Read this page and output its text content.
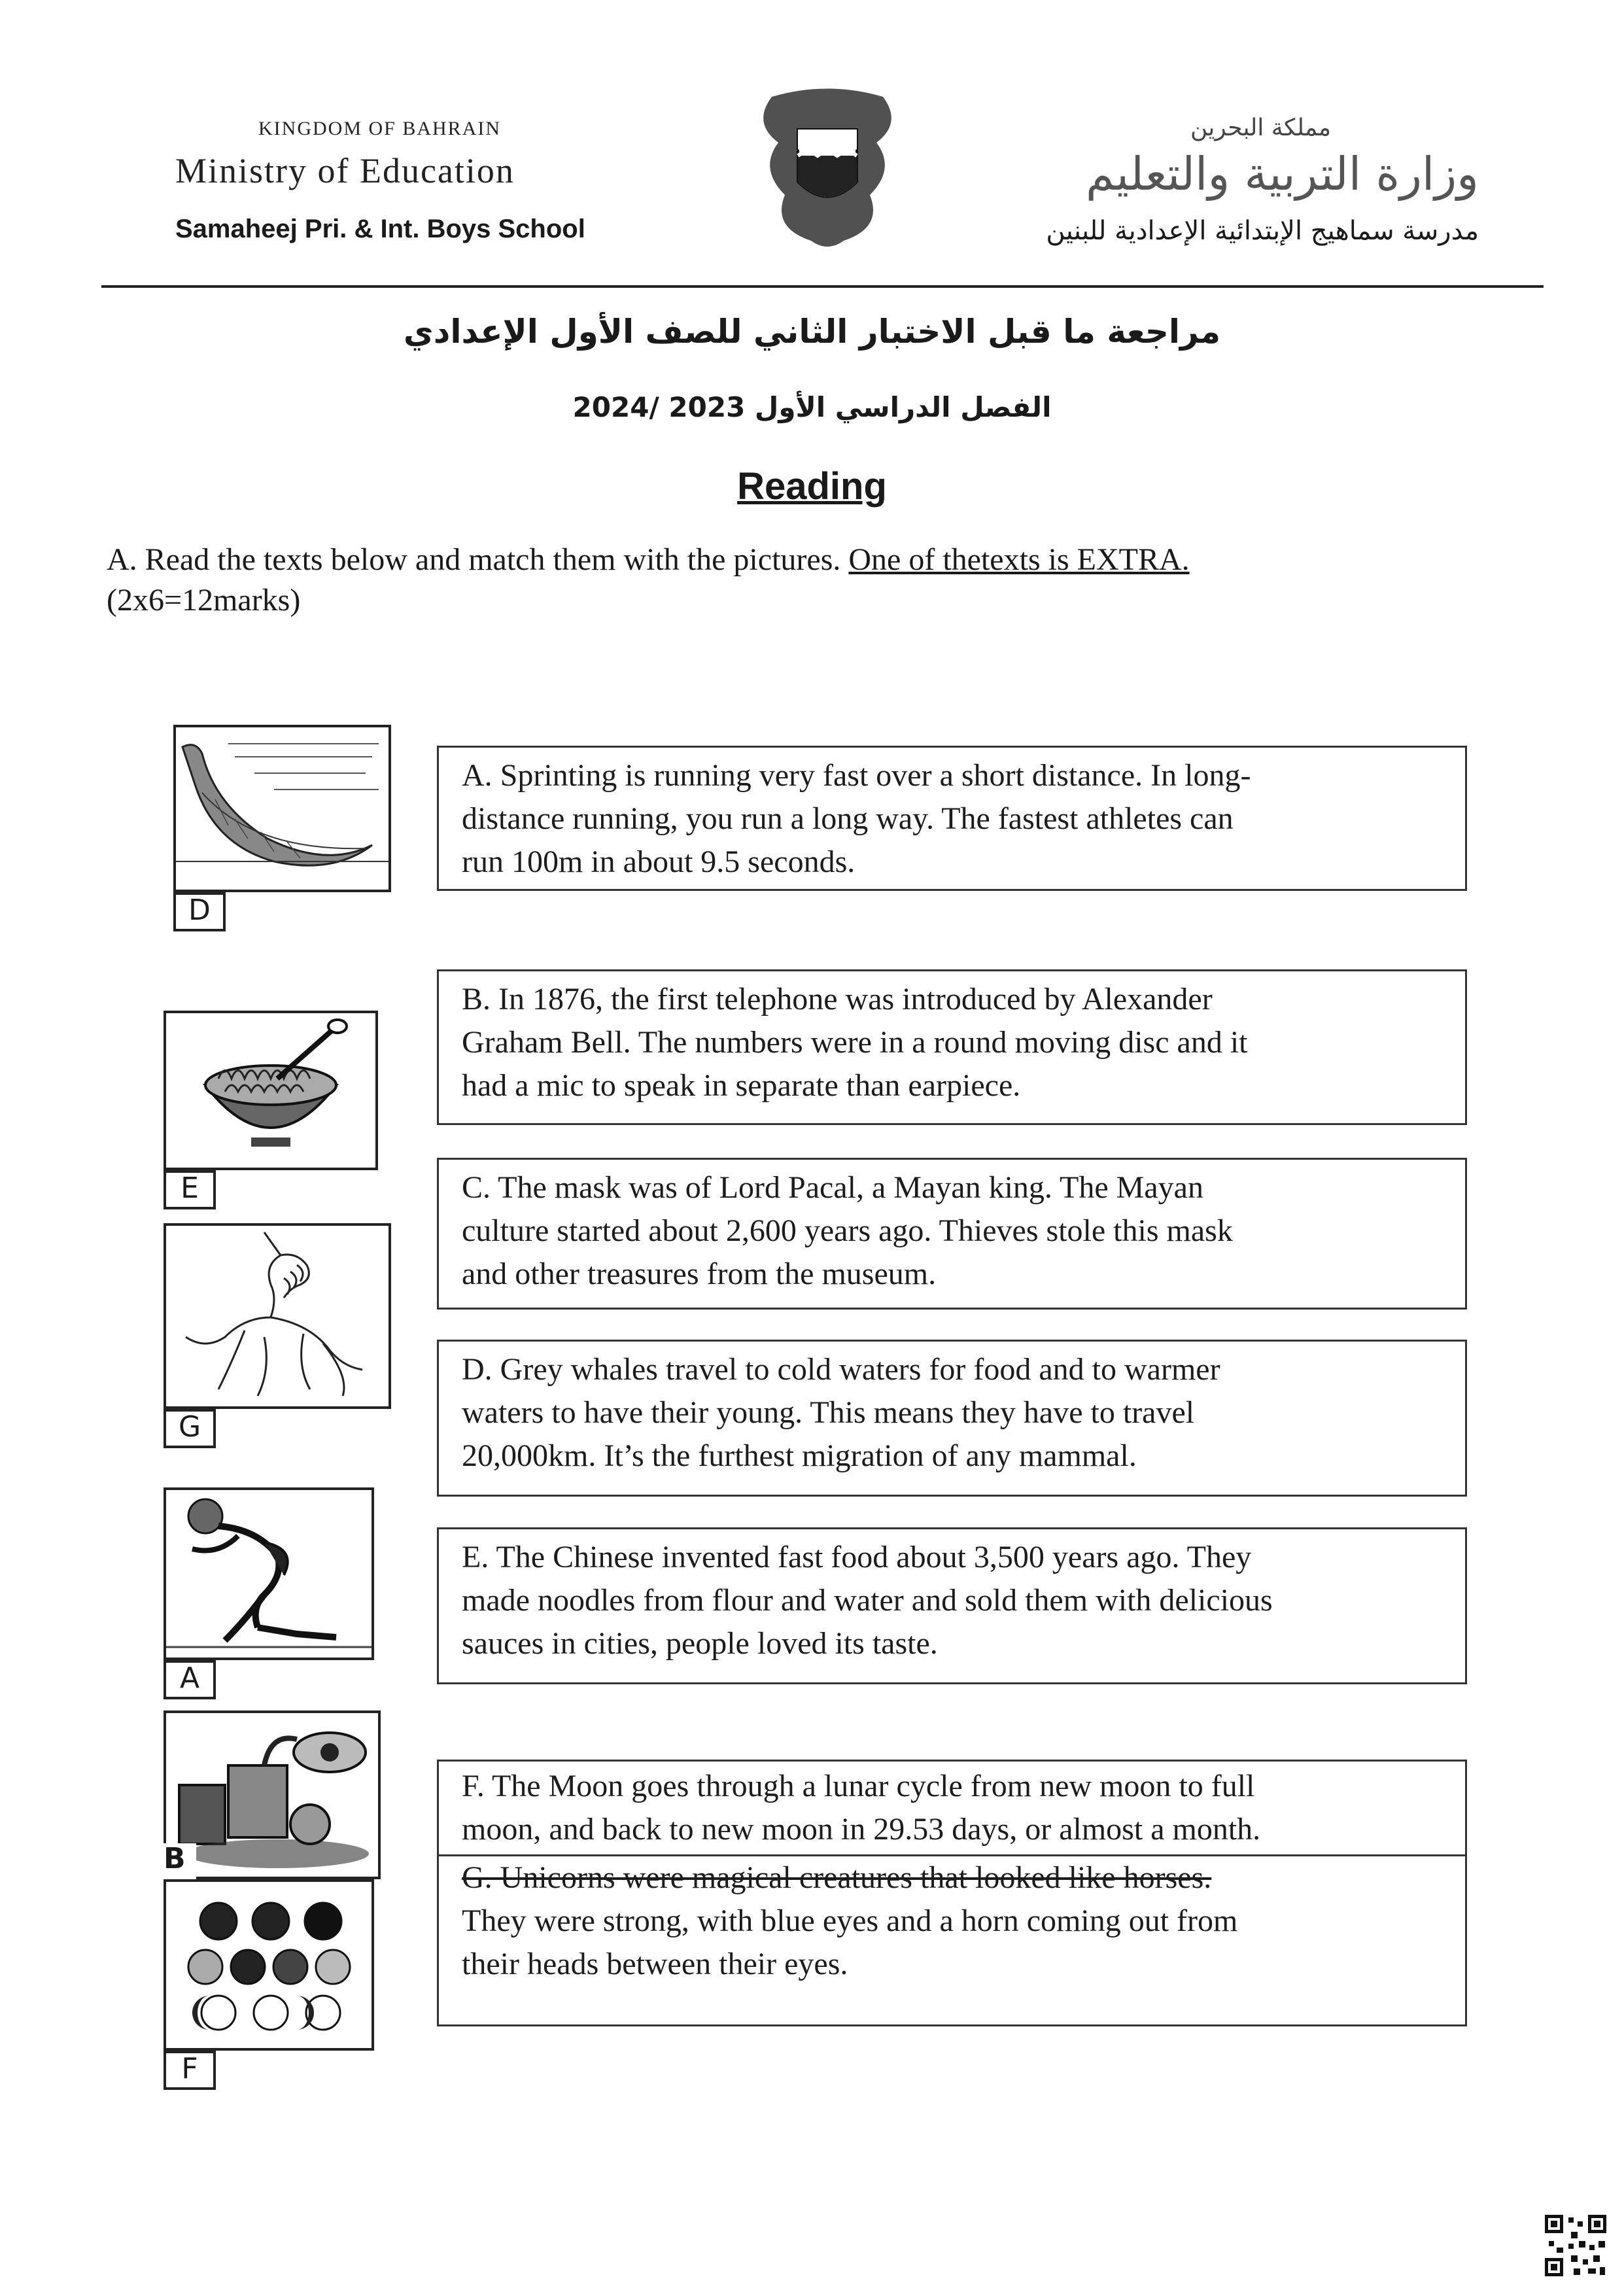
KINGDOM OF BAHRAIN
Ministry of Education
Samaheej Pri. & Int. Boys School
مملكة البحرين
وزارة التربية والتعليم
مدرسة سماهيج الإبتدائية الإعدادية للبنين
مراجعة ما قبل الاختبار الثاني للصف الأول الإعدادي
الفصل الدراسي الأول 2023 /2024
Reading
A. Read the texts below and match them with the pictures. One of thetexts is EXTRA.
(2x6=12marks)
D
E
G
A
B
F
A. Sprinting is running very fast over a short distance. In long-
distance running, you run a long way. The fastest athletes can
run 100m in about 9.5 seconds.
B. In 1876, the first telephone was introduced by Alexander
Graham Bell. The numbers were in a round moving disc and it
had a mic to speak in separate than earpiece.
C. The mask was of Lord Pacal, a Mayan king. The Mayan
culture started about 2,600 years ago. Thieves stole this mask
and other treasures from the museum.
D. Grey whales travel to cold waters for food and to warmer
waters to have their young. This means they have to travel
20,000km. It’s the furthest migration of any mammal.
E. The Chinese invented fast food about 3,500 years ago. They
made noodles from flour and water and sold them with delicious
sauces in cities, people loved its taste.
F. The Moon goes through a lunar cycle from new moon to full
moon, and back to new moon in 29.53 days, or almost a month.
G. Unicorns were magical creatures that looked like horses.
They were strong, with blue eyes and a horn coming out from
their heads between their eyes.
